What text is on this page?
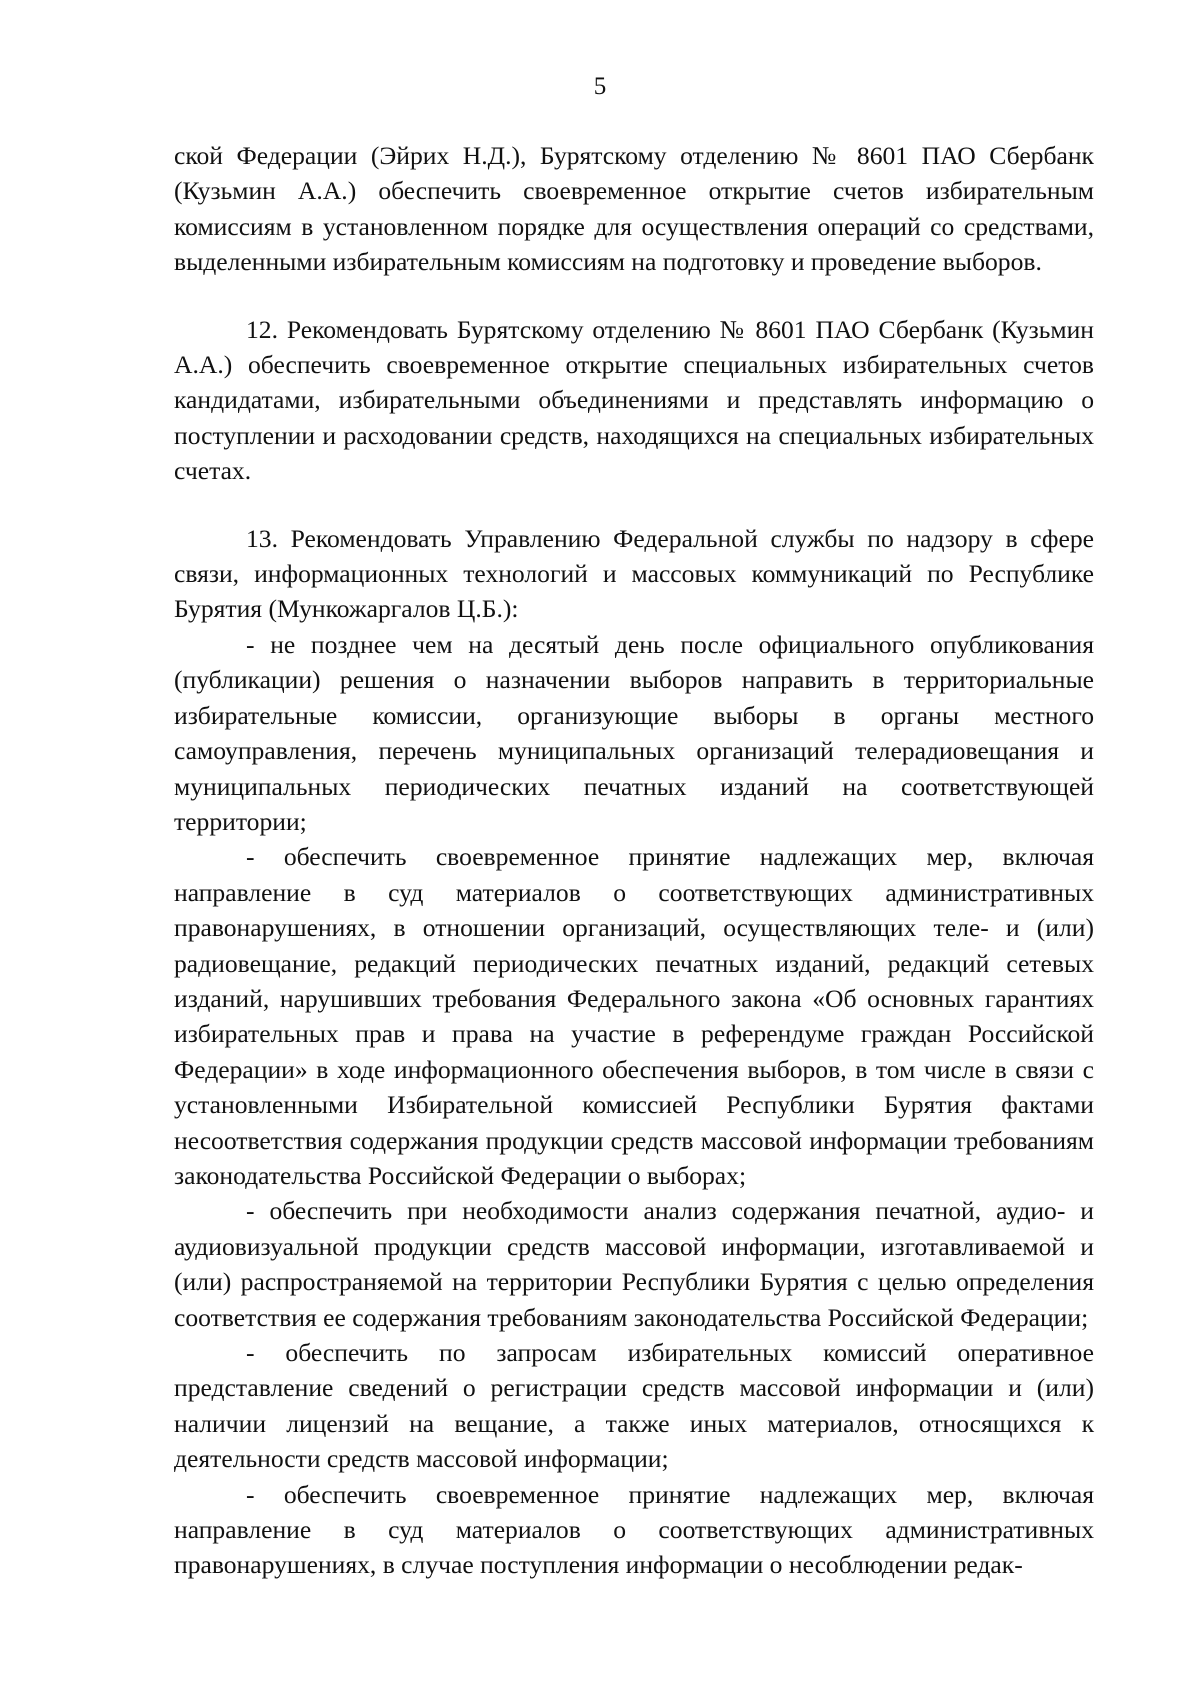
5

ской Федерации (Эйрих Н.Д.), Бурятскому отделению № 8601 ПАО Сбербанк (Кузьмин А.А.) обеспечить своевременное открытие счетов избирательным комиссиям в установленном порядке для осуществления операций со средствами, выделенными избирательным комиссиям на подготовку и проведение выборов.

12. Рекомендовать Бурятскому отделению № 8601 ПАО Сбербанк (Кузьмин А.А.) обеспечить своевременное открытие специальных избирательных счетов кандидатами, избирательными объединениями и представлять информацию о поступлении и расходовании средств, находящихся на специальных избирательных счетах.

13. Рекомендовать Управлению Федеральной службы по надзору в сфере связи, информационных технологий и массовых коммуникаций по Республике Бурятия (Мункожаргалов Ц.Б.):

- не позднее чем на десятый день после официального опубликования (публикации) решения о назначении выборов направить в территориальные избирательные комиссии, организующие выборы в органы местного самоуправления, перечень муниципальных организаций телерадиовещания и муниципальных периодических печатных изданий на соответствующей территории;

- обеспечить своевременное принятие надлежащих мер, включая направление в суд материалов о соответствующих административных правонарушениях, в отношении организаций, осуществляющих теле- и (или) радиовещание, редакций периодических печатных изданий, редакций сетевых изданий, нарушивших требования Федерального закона «Об основных гарантиях избирательных прав и права на участие в референдуме граждан Российской Федерации» в ходе информационного обеспечения выборов, в том числе в связи с установленными Избирательной комиссией Республики Бурятия фактами несоответствия содержания продукции средств массовой информации требованиям законодательства Российской Федерации о выборах;

- обеспечить при необходимости анализ содержания печатной, аудио- и аудиовизуальной продукции средств массовой информации, изготавливаемой и (или) распространяемой на территории Республики Бурятия с целью определения соответствия ее содержания требованиям законодательства Российской Федерации;

- обеспечить по запросам избирательных комиссий оперативное представление сведений о регистрации средств массовой информации и (или) наличии лицензий на вещание, а также иных материалов, относящихся к деятельности средств массовой информации;

- обеспечить своевременное принятие надлежащих мер, включая направление в суд материалов о соответствующих административных правонарушениях, в случае поступления информации о несоблюдении редак-
